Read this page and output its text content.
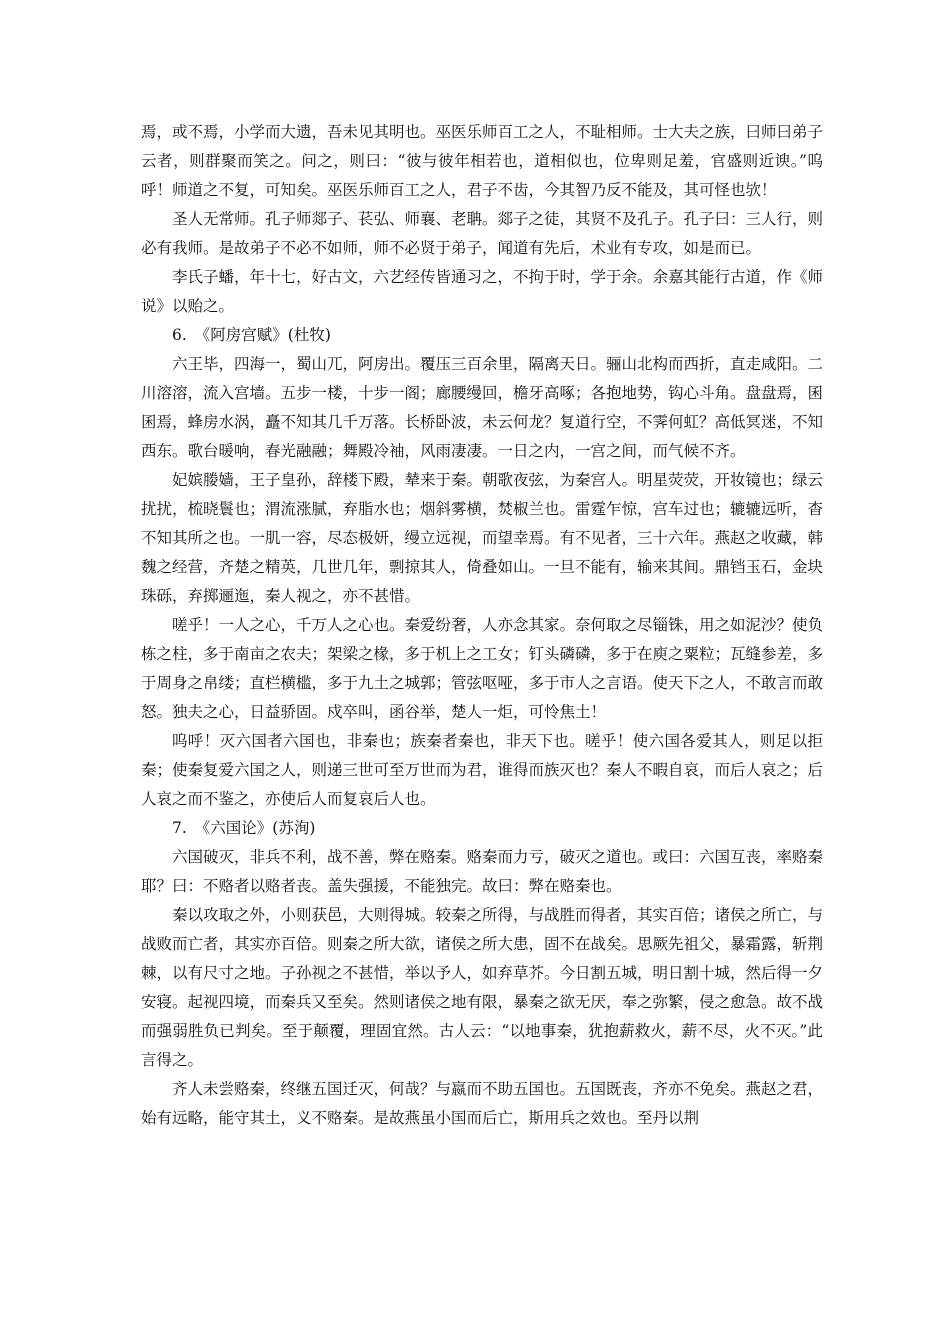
焉，或不焉，小学而大遗，吾未见其明也。巫医乐师百工之人，不耻相师。士大夫之族，曰师曰弟子云者，则群聚而笑之。问之，则曰：“彼与彼年相若也，道相似也，位卑则足羞，官盛则近谀。”呜呼！师道之不复，可知矣。巫医乐师百工之人，君子不齿，今其智乃反不能及，其可怪也欤！

圣人无常师。孔子师郯子、苌弘、师襄、老聃。郯子之徒，其贤不及孔子。孔子曰：三人行，则必有我师。是故弟子不必不如师，师不必贤于弟子，闻道有先后，术业有专攻，如是而已。

李氏子蟠，年十七，好古文，六艺经传皆通习之，不拘于时，学于余。余嘉其能行古道，作《师说》以贻之。

6. 《阿房宫赋》(杜牧)

六王毕，四海一，蜀山兀，阿房出。覆压三百余里，隔离天日。骊山北构而西折，直走咸阳。二川溶溶，流入宫墙。五步一楼，十步一阁；廊腰缦回，檐牙高啄；各抱地势，钩心斗角。盘盘焉，囷囷焉，蜂房水涡，矗不知其几千万落。长桥卧波，未云何龙？复道行空，不霁何虹？高低冥迷，不知西东。歌台暖响，春光融融；舞殿冷袖，风雨凄凄。一日之内，一宫之间，而气候不齐。

妃嫔媵嫱，王子皇孙，辞楼下殿，辇来于秦。朝歌夜弦，为秦宫人。明星荧荧，开妆镜也；绿云扰扰，梳晓鬟也；渭流涨腻，弃脂水也；烟斜雾横，焚椒兰也。雷霆乍惊，宫车过也；辘辘远听，杳不知其所之也。一肌一容，尽态极妍，缦立远视，而望幸焉。有不见者，三十六年。燕赵之收藏，韩魏之经营，齐楚之精英，几世几年，剽掠其人，倚叠如山。一旦不能有，输来其间。鼎铛玉石，金块珠砾，弃掷逦迤，秦人视之，亦不甚惜。

嗟乎！一人之心，千万人之心也。秦爱纷奢，人亦念其家。奈何取之尽锱铢，用之如泥沙？使负栋之柱，多于南亩之农夫；架梁之椽，多于机上之工女；钉头磷磷，多于在庾之粟粒；瓦缝参差，多于周身之帛缕；直栏横槛，多于九土之城郭；管弦呕哑，多于市人之言语。使天下之人，不敢言而敢怒。独夫之心，日益骄固。戍卒叫，函谷举，楚人一炬，可怜焦土！

呜呼！灭六国者六国也，非秦也；族秦者秦也，非天下也。嗟乎！使六国各爱其人，则足以拒秦；使秦复爱六国之人，则递三世可至万世而为君，谁得而族灭也？秦人不暇自哀，而后人哀之；后人哀之而不鉴之，亦使后人而复哀后人也。

7. 《六国论》(苏洵)

六国破灭，非兵不利，战不善，弊在赂秦。赂秦而力亏，破灭之道也。或曰：六国互丧，率赂秦耶？曰：不赂者以赂者丧。盖失强援，不能独完。故曰：弊在赂秦也。

秦以攻取之外，小则获邑，大则得城。较秦之所得，与战胜而得者，其实百倍；诸侯之所亡，与战败而亡者，其实亦百倍。则秦之所大欲，诸侯之所大患，固不在战矣。思厥先祖父，暴霜露，斩荆棘，以有尺寸之地。子孙视之不甚惜，举以予人，如弃草芥。今日割五城，明日割十城，然后得一夕安寝。起视四境，而秦兵又至矣。然则诸侯之地有限，暴秦之欲无厌，奉之弥繁，侵之愈急。故不战而强弱胜负已判矣。至于颠覆，理固宜然。古人云：“以地事秦，犹抱薪救火，薪不尽，火不灭。”此言得之。

齐人未尝赂秦，终继五国迁灭，何哉？与嬴而不助五国也。五国既丧，齐亦不免矣。燕赵之君，始有远略，能守其土，义不赂秦。是故燕虽小国而后亡，斯用兵之效也。至丹以荆
